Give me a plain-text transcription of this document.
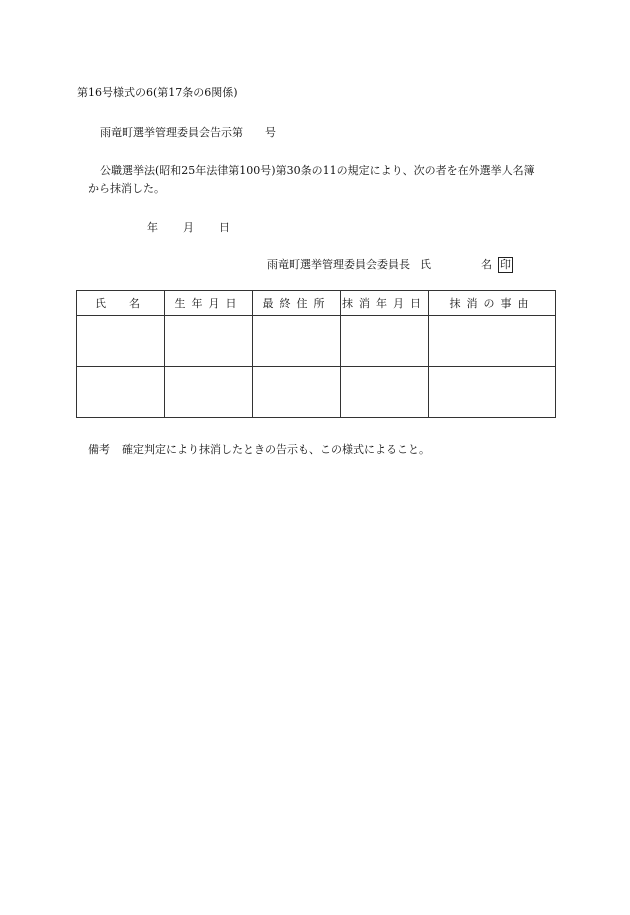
第16号様式の6(第17条の6関係)
雨竜町選挙管理委員会告示第 号
公職選挙法(昭和25年法律第100号)第30条の11の規定により、次の者を在外選挙人名簿
から抹消した。
年 月 日
雨竜町選挙管理委員会委員長 氏	名 印
氏　名	生年月日	最終住所	抹消年月日	抹消の事由

備考 確定判定により抹消したときの告示も、この様式によること。
